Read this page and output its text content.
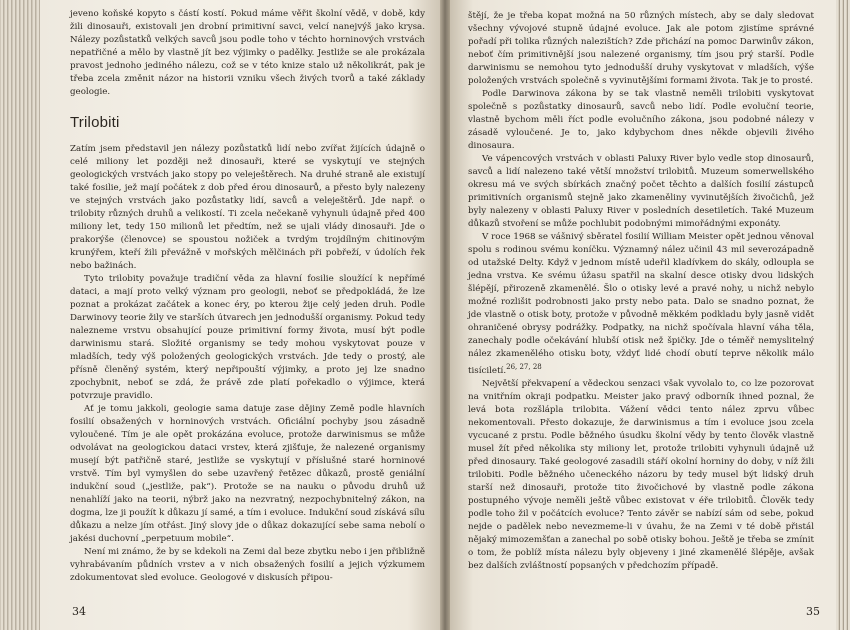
jeveno koňské kopyto s částí kostí. Pokud máme věřit školní vědě, v době, kdy žili dinosauři, existovali jen drobní primitivní savci, velcí nanejvýš jako krysa. Nálezy pozůstatků velkých savců jsou podle toho v téchto horninových vrstvách nepatřičné a mělo by vlastně jít bez výjimky o padělky. Jestliže se ale prokázala pravost jednoho jediného nálezu, což se v této knize stalo už několikrát, pak je třeba zcela změnit názor na historii vzniku všech živých tvorů a také základy geologie.

Trilobiti

Zatím jsem představil jen nálezy pozůstatků lidí nebo zvířat žijících údajně o celé miliony let později než dinosauři, které se vyskytují ve stejných geologických vrstvách jako stopy po veleještěrech. Na druhé straně ale existují také fosilie, jež mají počátek z dob před érou dinosaurů, a přesto byly nalezeny ve stejných vrstvách jako pozůstatky lidí, savců a veleještěrů. Jde např. o trilobity různých druhů a velikostí. Ti zcela nečekaně vyhynuli údajně před 400 miliony let, tedy 150 milionů let předtím, než se ujali vlády dinosauři. Jde o prakorýše (členovce) se spoustou nožiček a tvrdým trojdílným chitinovým krunýřem, kteří žili převážně v mořských mělčinách při pobřeží, v údolích řek nebo bažinách.

Tyto trilobity považuje tradiční věda za hlavní fosilie sloužící k nepřímé dataci, a mají proto velký význam pro geologii, neboť se předpokládá, že lze poznat a prokázat začátek a konec éry, po kterou žije celý jeden druh. Podle Darwinovy teorie žily ve starších útvarech jen jednodušší organismy. Pokud tedy nalezneme vrstvu obsahující pouze primitivní formy života, musí být podle darwinismu stará. Složité organismy se tedy mohou vyskytovat pouze v mladších, tedy výš položených geologických vrstvách. Jde tedy o prostý, ale přísně členěný systém, který nepřipouští výjimky, a proto jej lze snadno zpochybnit, neboť se zdá, že právě zde platí pořekadlo o výjimce, která potvrzuje pravidlo.

Ať je tomu jakkoli, geologie sama datuje zase dějiny Země podle hlavních fosilií obsažených v horninových vrstvách. Oficiální pochyby jsou zásadně vyloučené. Tím je ale opět prokázána evoluce, protože darwinismus se může odvolávat na geologickou dataci vrstev, která zjišťuje, že nalezené organismy musejí být patřičně staré, jestliže se vyskytují v příslušné staré horninové vrstvě. Tím byl vymyšlen do sebe uzavřený řetězec důkazů, prostě geniální indukční soud („jestliže, pak“). Protože se na nauku o původu druhů už nenahlíží jako na teorii, nýbrž jako na nezvratný, nezpochybnitelný zákon, na dogma, lze ji použít k důkazu jí samé, a tím i evoluce. Indukční soud získává sílu důkazu a nelze jím otřást. Jiný slovy jde o důkaz dokazující sebe sama nebolí o jakési duchovní „perpetuum mobile“.

Není mi známo, že by se kdekoli na Zemi dal beze zbytku nebo i jen přibližně vyhrabávaním půdních vrstev a v nich obsažených fosilií a jejich výzkumem zdokumentovat sled evoluce. Geologové v diskusích připou-

34

štějí, že je třeba kopat možná na 50 různých místech, aby se daly sledovat všechny vývojové stupně údajné evoluce. Jak ale potom zjistíme správné pořadí při tolika různých nalezištích? Zde přichází na pomoc Darwinův zákon, neboť čím primitivnější jsou nalezené organismy, tím jsou prý starší. Podle darwinismu se nemohou tyto jednodušší druhy vyskytovat v mladších, výše položených vrstvách společně s vyvinutějšími formami života. Tak je to prosté.

Podle Darwinova zákona by se tak vlastně neměli trilobiti vyskytovat společně s pozůstatky dinosaurů, savců nebo lidí. Podle evoluční teorie, vlastně bychom měli říct podle evolučního zákona, jsou podobné nálezy v zásadě vyloučené. Je to, jako kdybychom dnes někde objevili živého dinosaura.

Ve vápencových vrstvách v oblasti Paluxy River bylo vedle stop dinosaurů, savců a lidí nalezeno také větší množství trilobitů. Muzeum somerwellského okresu má ve svých sbírkách značný počet těchto a dalších fosilií zástupců primitivních organismů stejně jako zkameněliny vyvinutějších živočichů, jež byly nalezeny v oblasti Paluxy River v posledních desetiletích. Také Muzeum důkazů stvoření se může pochlubit podobnými mimořádnými exponáty.

V roce 1968 se vášnivý sběratel fosilií William Meister opět jednou věnoval spolu s rodinou svému koníčku. Významný nález učinil 43 mil severozápadně od utažské Delty. Když v jednom místě udeřil kladívkem do skály, odloupla se jedna vrstva. Ke svému úžasu spatřil na skalní desce otisky dvou lidských šlépějí, přirozeně zkamenělé. Šlo o otisky levé a pravé nohy, u nichž nebylo možné rozlišit podrobnosti jako prsty nebo pata. Dalo se snadno poznat, že jde vlastně o otisk boty, protože v původně měkkém podkladu byly jasně vidět ohraničené obrysy podrážky. Podpatky, na nichž spočívala hlavní váha těla, zanechaly podle očekávání hlubší otisk než špičky. Jde o téměř nemyslitelný nález zkamenělého otisku boty, vždyť lidé chodí obutí teprve několik málo tisíciletí.$^{26, 27, 28}$

Největší překvapení a vědeckou senzaci však vyvolalo to, co lze pozorovat na vnitřním okraji podpatku. Meister jako pravý odborník ihned poznal, že levá bota rozšlápla trilobita. Vážení vědci tento nález zprvu vůbec nekomentovali. Přesto dokazuje, že darwinismus a tím i evoluce jsou zcela vycucané z prstu. Podle běžného úsudku školní vědy by tento člověk vlastně musel žít před několika sty miliony let, protože trilobiti vyhynuli údajně už před dinosaury. Také geologové zasadili stáří okolní horniny do doby, v níž žili trilobiti. Podle běžného učeneckého názoru by tedy musel být lidský druh starší než dinosauři, protože tito živočichové by vlastně podle zákona postupného vývoje neměli ještě vůbec existovat v éře trilobitů. Člověk tedy podle toho žil v počátcích evoluce? Tento závěr se nabízí sám od sebe, pokud nejde o padělek nebo nevezmeme-li v úvahu, že na Zemi v té době přistál nějaký mimozemšťan a zanechal po sobě otisky bohou. Ještě je třeba se zmínit o tom, že poblíž místa nálezu byly objeveny i jiné zkamenělé šlépěje, avšak bez dalších zvláštností popsaných v předchozím případě.

35
